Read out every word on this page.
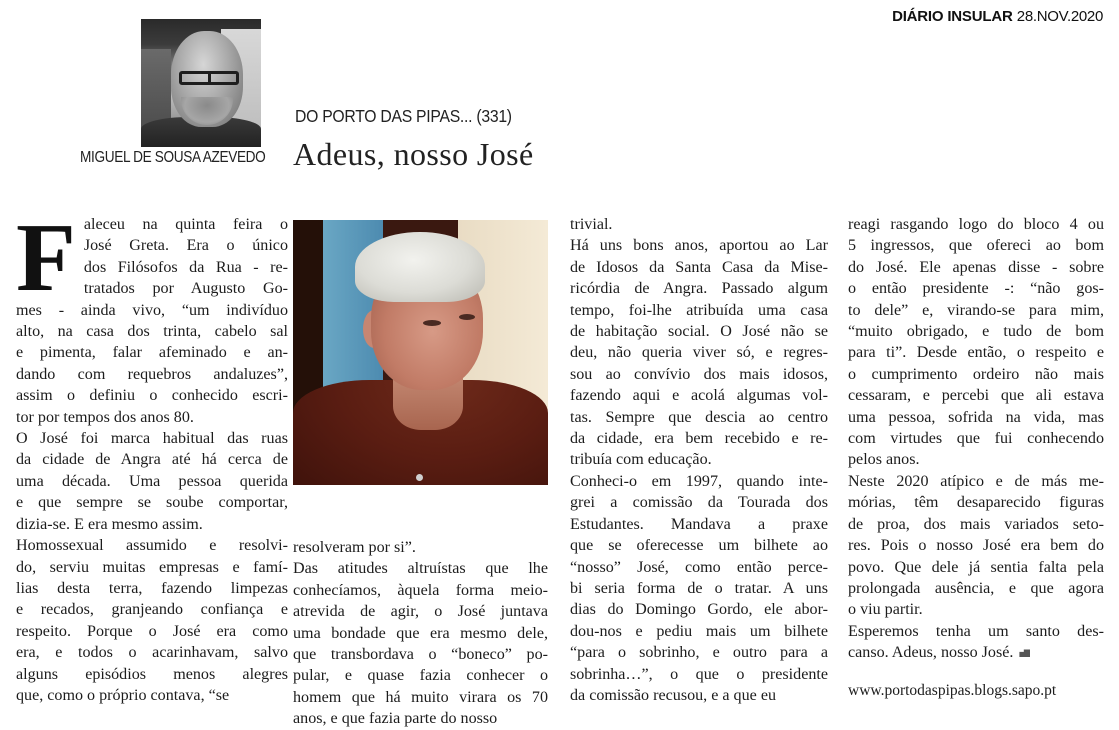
DIÁRIO INSULAR 28.NOV.2020
MIGUEL DE SOUSA AZEVEDO
DO PORTO DAS PIPAS... (331)
Adeus, nosso José
F aleceu na quinta feira o
José Greta. Era o único
dos Filósofos da Rua - re-
tratados por Augusto Go-
mes - ainda vivo, “um indivíduo
alto, na casa dos trinta, cabelo sal
e pimenta, falar afeminado e an-
dando com requebros andaluzes”,
assim o definiu o conhecido escri-
tor por tempos dos anos 80.
O José foi marca habitual das ruas
da cidade de Angra até há cerca de
uma década. Uma pessoa querida
e que sempre se soube comportar,
dizia-se. E era mesmo assim.
Homossexual assumido e resolvi-
do, serviu muitas empresas e famí-
lias desta terra, fazendo limpezas
e recados, granjeando confiança e
respeito. Porque o José era como
era, e todos o acarinhavam, salvo
alguns episódios menos alegres
que, como o próprio contava, “se
resolveram por si”.
Das atitudes altruístas que lhe
conhecíamos, àquela forma meio-
atrevida de agir, o José juntava
uma bondade que era mesmo dele,
que transbordava o “boneco” po-
pular, e quase fazia conhecer o
homem que há muito virara os 70
anos, e que fazia parte do nosso
trivial.
Há uns bons anos, aportou ao Lar
de Idosos da Santa Casa da Mise-
ricórdia de Angra. Passado algum
tempo, foi-lhe atribuída uma casa
de habitação social. O José não se
deu, não queria viver só, e regres-
sou ao convívio dos mais idosos,
fazendo aqui e acolá algumas vol-
tas. Sempre que descia ao centro
da cidade, era bem recebido e re-
tribuía com educação.
Conheci-o em 1997, quando inte-
grei a comissão da Tourada dos
Estudantes. Mandava a praxe
que se oferecesse um bilhete ao
“nosso” José, como então perce-
bi seria forma de o tratar. A uns
dias do Domingo Gordo, ele abor-
dou-nos e pediu mais um bilhete
“para o sobrinho, e outro para a
sobrinha…”, o que o presidente
da comissão recusou, e a que eu
reagi rasgando logo do bloco 4 ou
5 ingressos, que ofereci ao bom
do José. Ele apenas disse - sobre
o então presidente -: “não gos-
to dele” e, virando-se para mim,
“muito obrigado, e tudo de bom
para ti”. Desde então, o respeito e
o cumprimento ordeiro não mais
cessaram, e percebi que ali estava
uma pessoa, sofrida na vida, mas
com virtudes que fui conhecendo
pelos anos.
Neste 2020 atípico e de más me-
mórias, têm desaparecido figuras
de proa, dos mais variados seto-
res. Pois o nosso José era bem do
povo. Que dele já sentia falta pela
prolongada ausência, e que agora
o viu partir.
Esperemos tenha um santo des-
canso. Adeus, nosso José.
www.portodaspipas.blogs.sapo.pt
